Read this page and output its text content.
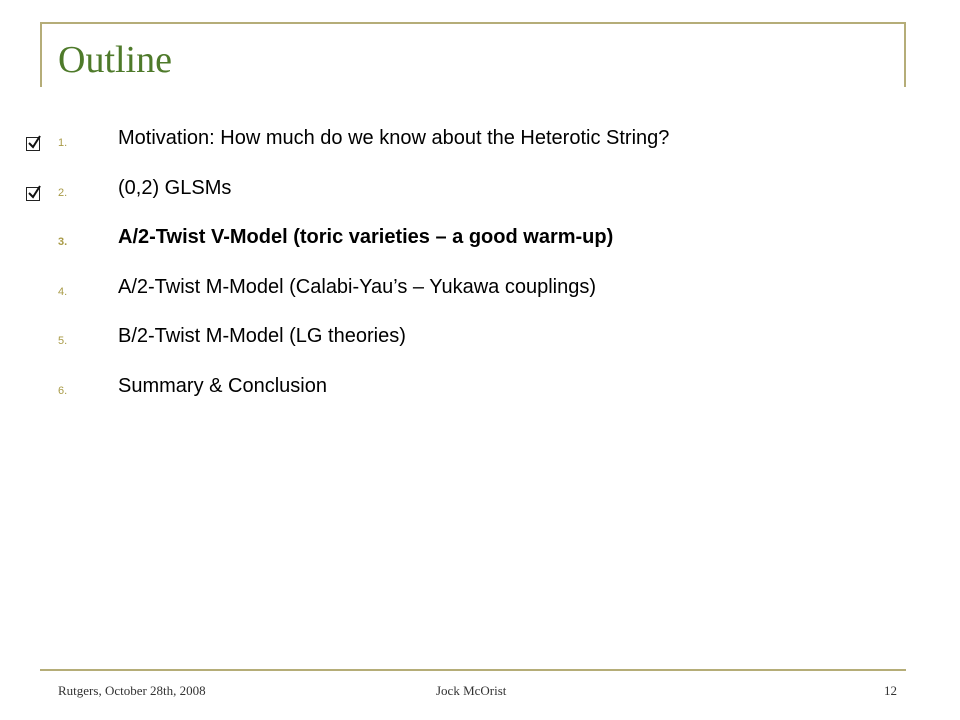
Outline
1.	Motivation: How much do we know about the Heterotic String?
2.	(0,2) GLSMs
3.	A/2-Twist V-Model (toric varieties – a good warm-up)
4.	A/2-Twist M-Model (Calabi-Yau’s – Yukawa couplings)
5.	B/2-Twist M-Model (LG theories)
6.	Summary & Conclusion
Rutgers, October 28th, 2008	Jock McOrist	12
